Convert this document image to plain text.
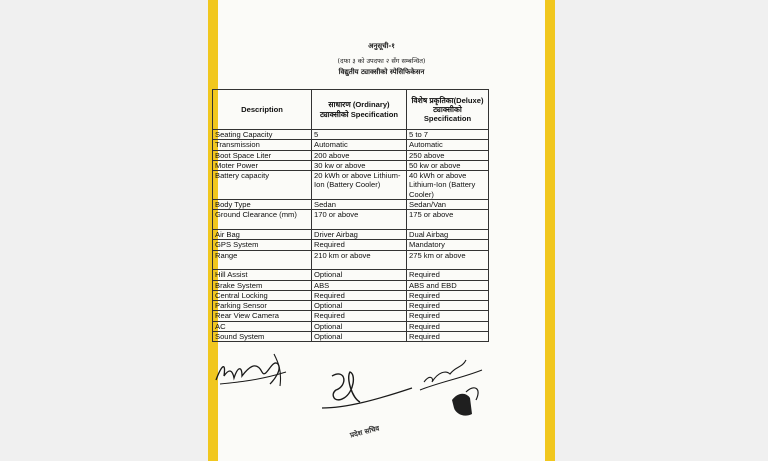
अनुसूची-१
(दफा ३ को उपदफा २ सँग सम्बन्धित)
विद्युतीय ट्याक्सीको स्पेसिफिकेसन
Description	साधारण (Ordinary) ट्याक्सीको Specification	विशेष प्रकृतिका(Deluxe) ट्याक्सीको Specification
Seating Capacity	5	5 to 7
Transmission	Automatic	Automatic
Boot Space Liter	200 above	250 above
Moter Power	30 kw or above	50 kw or above
Battery capacity	20 kWh or above Lithium-Ion (Battery Cooler)	40 kWh or above Lithium-Ion (Battery Cooler)
Body Type	Sedan	Sedan/Van
Ground Clearance (mm)	170 or above	175 or above
Air Bag	Driver Airbag	Dual Airbag
GPS System	Required	Mandatory
Range	210 km or above	275 km or above
Hill Assist	Optional	Required
Brake System	ABS	ABS and EBD
Central Locking	Required	Required
Parking Sensor	Optional	Required
Rear View Camera	Required	Required
AC	Optional	Required
Sound System	Optional	Required
प्रदेश सचिव
